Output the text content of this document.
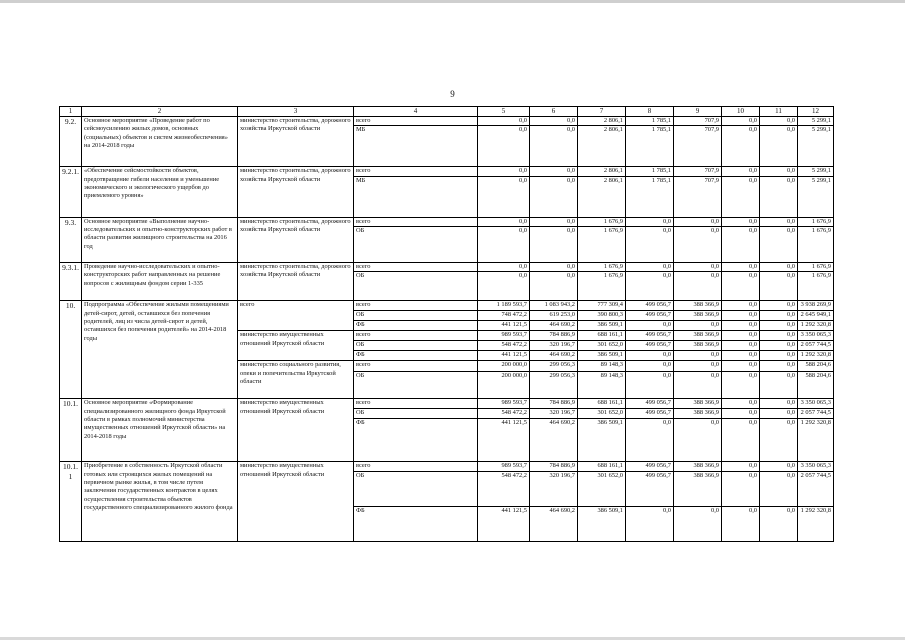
9
1	2	3	4	5	6	7	8	9	10	11	12
9.2.	Основное мероприятие «Проведение работ по сейсмоусилению жилых домов, основных (социальных) объектов и систем жизнеобеспечения» на 2014-2018 годы	министерство строительства, дорожного хозяйства Иркутской области	всего	0,0	0,0	2 806,1	1 785,1	707,9	0,0	0,0	5 299,1
			МБ	0,0	0,0	2 806,1	1 785,1	707,9	0,0	0,0	5 299,1
9.2.1.	«Обеспечение сейсмостойкости объектов, предотвращение гибели населения и уменьшение экономического и экологического ущербов до приемлемого уровня»	министерство строительства, дорожного хозяйства Иркутской области	всего	0,0	0,0	2 806,1	1 785,1	707,9	0,0	0,0	5 299,1
			МБ	0,0	0,0	2 806,1	1 785,1	707,9	0,0	0,0	5 299,1
9.3.	Основное мероприятие «Выполнение научно-исследовательских и опытно-конструкторских работ в области развития жилищного строительства на 2016 год	министерство строительства, дорожного хозяйства Иркутской области	всего	0,0	0,0	1 676,9	0,0	0,0	0,0	0,0	1 676,9
			ОБ	0,0	0,0	1 676,9	0,0	0,0	0,0	0,0	1 676,9
9.3.1.	Проведение научно-исследовательских и опытно-конструкторских работ направленных на решение вопросов с жилищным фондом серии 1-335	министерство строительства, дорожного хозяйства Иркутской области	всего	0,0	0,0	1 676,9	0,0	0,0	0,0	0,0	1 676,9
			ОБ	0,0	0,0	1 676,9	0,0	0,0	0,0	0,0	1 676,9
10.	Подпрограмма «Обеспечение жилыми помещениями детей-сирот, детей, оставшихся без попечения родителей, лиц из числа детей-сирот и детей, оставшихся без попечения родителей» на 2014-2018 годы	всего	всего	1 189 593,7	1 083 943,2	777 309,4	499 056,7	388 366,9	0,0	0,0	3 938 269,9
			ОБ	748 472,2	619 253,0	390 800,3	499 056,7	388 366,9	0,0	0,0	2 645 949,1
			ФБ	441 121,5	464 690,2	386 509,1	0,0	0,0	0,0	0,0	1 292 320,8
		министерство имущественных отношений Иркутской области	всего	989 593,7	784 886,9	688 161,1	499 056,7	388 366,9	0,0	0,0	3 350 065,3
			ОБ	548 472,2	320 196,7	301 652,0	499 056,7	388 366,9	0,0	0,0	2 057 744,5
			ФБ	441 121,5	464 690,2	386 509,1	0,0	0,0	0,0	0,0	1 292 320,8
		министерство социального развития, опеки и попечительства Иркутской области	всего	200 000,0	299 056,3	89 148,3	0,0	0,0	0,0	0,0	588 204,6
			ОБ	200 000,0	299 056,3	89 148,3	0,0	0,0	0,0	0,0	588 204,6
10.1.	Основное мероприятие «Формирование специализированного жилищного фонда Иркутской области в рамках полномочий министерства имущественных отношений Иркутской области» на 2014-2018 годы	министерство имущественных отношений Иркутской области	всего	989 593,7	784 886,9	688 161,1	499 056,7	388 366,9	0,0	0,0	3 350 065,3
			ОБ	548 472,2	320 196,7	301 652,0	499 056,7	388 366,9	0,0	0,0	2 057 744,5
			ФБ	441 121,5	464 690,2	386 509,1	0,0	0,0	0,0	0,0	1 292 320,8
10.1.1	Приобретение в собственность Иркутской области готовых или строящихся жилых помещений на первичном рынке жилья, в том числе путем заключения государственных контрактов в целях осуществления строительства объектов государственного специализированного жилого фонда	министерство имущественных отношений Иркутской области	всего	989 593,7	784 886,9	688 161,1	499 056,7	388 366,9	0,0	0,0	3 350 065,3
			ОБ	548 472,2	320 196,7	301 652,0	499 056,7	388 366,9	0,0	0,0	2 057 744,5
			ФБ	441 121,5	464 690,2	386 509,1	0,0	0,0	0,0	0,0	1 292 320,8
